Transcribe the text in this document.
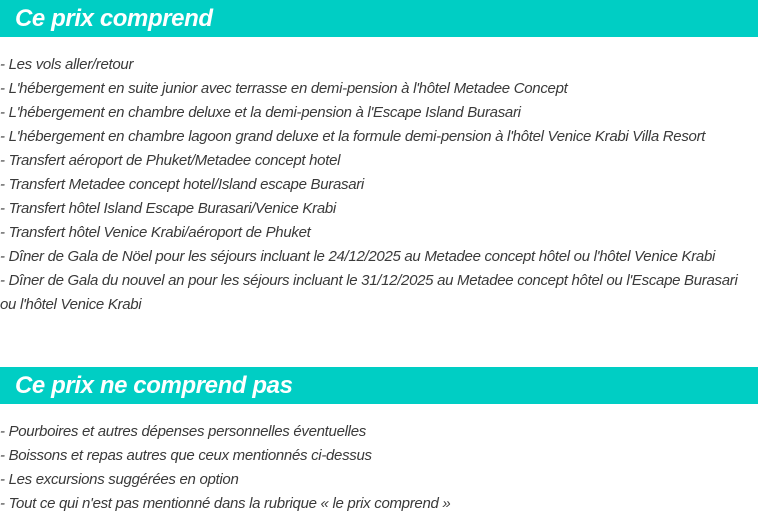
Ce prix comprend
- Les vols aller/retour
- L'hébergement en suite junior avec terrasse en demi-pension à l'hôtel Metadee Concept
- L'hébergement en chambre deluxe et la demi-pension à l'Escape Island Burasari
- L'hébergement en chambre lagoon grand deluxe et la formule demi-pension à l'hôtel Venice Krabi Villa Resort
- Transfert aéroport de Phuket/Metadee concept hotel
- Transfert Metadee concept hotel/Island escape Burasari
- Transfert hôtel Island Escape Burasari/Venice Krabi
- Transfert hôtel Venice Krabi/aéroport de Phuket
- Dîner de Gala de Nöel pour les séjours incluant le 24/12/2025 au Metadee concept hôtel ou l'hôtel Venice Krabi
- Dîner de Gala du nouvel an pour les séjours incluant le 31/12/2025 au Metadee concept hôtel ou l'Escape Burasari ou l'hôtel Venice Krabi
Ce prix ne comprend pas
- Pourboires et autres dépenses personnelles éventuelles
- Boissons et repas autres que ceux mentionnés ci-dessus
- Les excursions suggérées en option
- Tout ce qui n'est pas mentionné dans la rubrique « le prix comprend »
